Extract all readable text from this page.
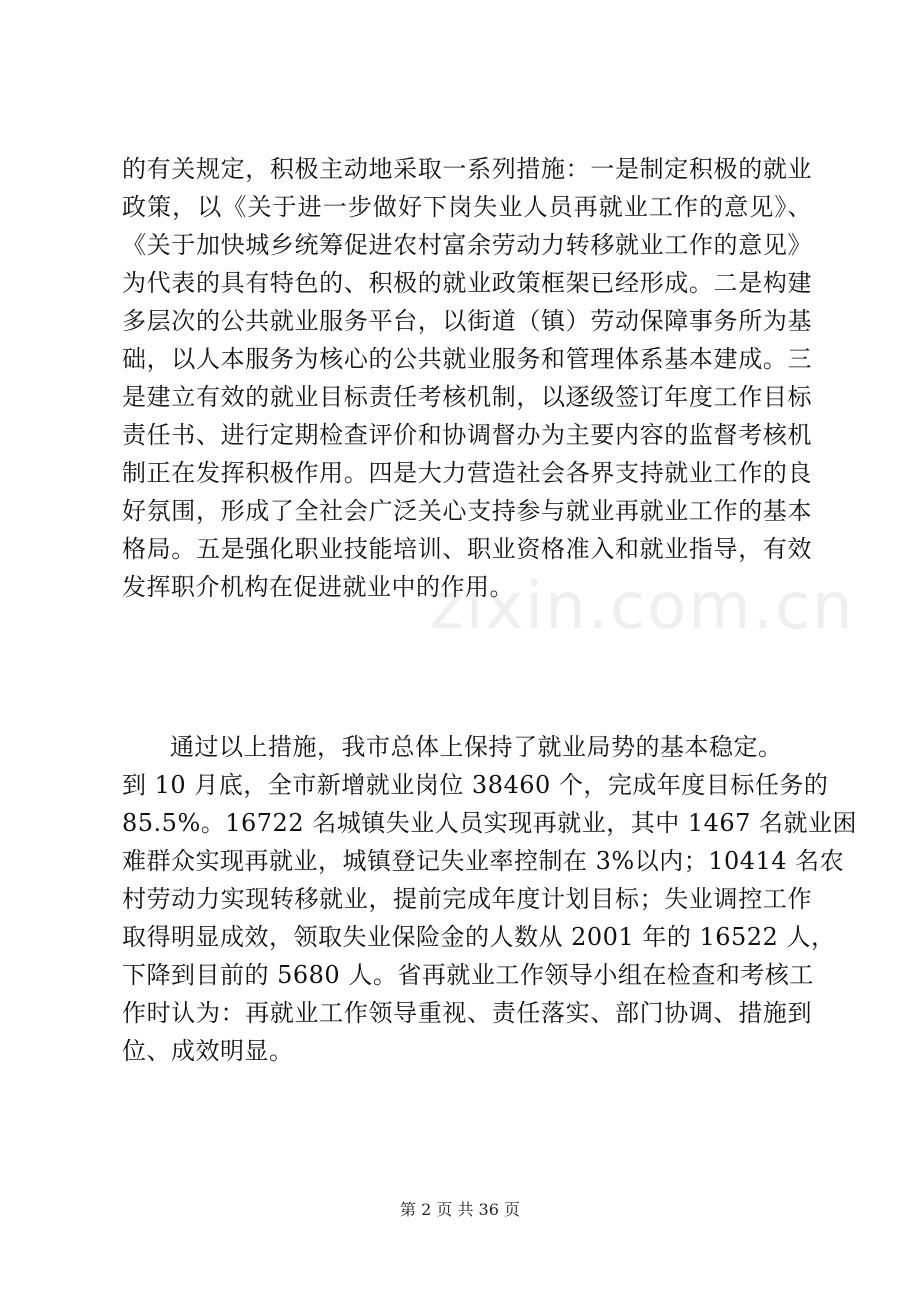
的有关规定，积极主动地采取一系列措施：一是制定积极的就业
政策，以《关于进一步做好下岗失业人员再就业工作的意见》、
《关于加快城乡统筹促进农村富余劳动力转移就业工作的意见》
为代表的具有特色的、积极的就业政策框架已经形成。二是构建
多层次的公共就业服务平台，以街道（镇）劳动保障事务所为基
础，以人本服务为核心的公共就业服务和管理体系基本建成。三
是建立有效的就业目标责任考核机制，以逐级签订年度工作目标
责任书、进行定期检查评价和协调督办为主要内容的监督考核机
制正在发挥积极作用。四是大力营造社会各界支持就业工作的良
好氛围，形成了全社会广泛关心支持参与就业再就业工作的基本
格局。五是强化职业技能培训、职业资格准入和就业指导，有效
发挥职介机构在促进就业中的作用。
zixin.com.cn
通过以上措施，我市总体上保持了就业局势的基本稳定。
到 10 月底，全市新增就业岗位 38460 个，完成年度目标任务的
85.5%。16722 名城镇失业人员实现再就业，其中 1467 名就业困
难群众实现再就业，城镇登记失业率控制在 3%以内；10414 名农
村劳动力实现转移就业，提前完成年度计划目标；失业调控工作
取得明显成效，领取失业保险金的人数从 2001 年的 16522 人，
下降到目前的 5680 人。省再就业工作领导小组在检查和考核工
作时认为：再就业工作领导重视、责任落实、部门协调、措施到
位、成效明显。
第 2 页 共 36 页
